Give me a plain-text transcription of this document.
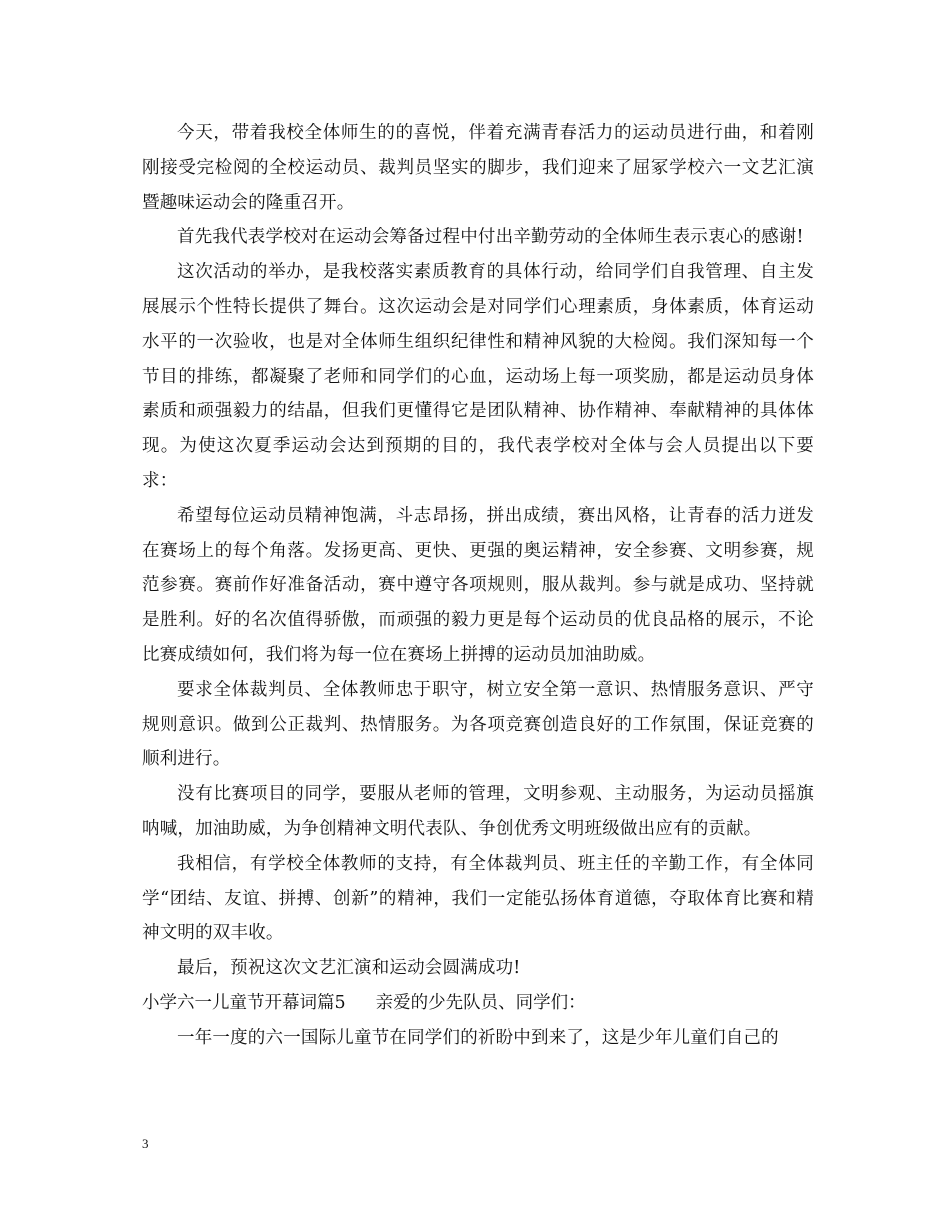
今天，带着我校全体师生的的喜悦，伴着充满青春活力的运动员进行曲，和着刚刚接受完检阅的全校运动员、裁判员坚实的脚步，我们迎来了屈冢学校六一文艺汇演暨趣味运动会的隆重召开。

首先我代表学校对在运动会筹备过程中付出辛勤劳动的全体师生表示衷心的感谢!

这次活动的举办，是我校落实素质教育的具体行动，给同学们自我管理、自主发展展示个性特长提供了舞台。这次运动会是对同学们心理素质，身体素质，体育运动水平的一次验收，也是对全体师生组织纪律性和精神风貌的大检阅。我们深知每一个节目的排练，都凝聚了老师和同学们的心血，运动场上每一项奖励，都是运动员身体素质和顽强毅力的结晶，但我们更懂得它是团队精神、协作精神、奉献精神的具体体现。为使这次夏季运动会达到预期的目的，我代表学校对全体与会人员提出以下要求：

希望每位运动员精神饱满，斗志昂扬，拼出成绩，赛出风格，让青春的活力迸发在赛场上的每个角落。发扬更高、更快、更强的奥运精神，安全参赛、文明参赛，规范参赛。赛前作好准备活动，赛中遵守各项规则，服从裁判。参与就是成功、坚持就是胜利。好的名次值得骄傲，而顽强的毅力更是每个运动员的优良品格的展示，不论比赛成绩如何，我们将为每一位在赛场上拼搏的运动员加油助威。

要求全体裁判员、全体教师忠于职守，树立安全第一意识、热情服务意识、严守规则意识。做到公正裁判、热情服务。为各项竞赛创造良好的工作氛围，保证竞赛的顺利进行。

没有比赛项目的同学，要服从老师的管理，文明参观、主动服务，为运动员摇旗呐喊，加油助威，为争创精神文明代表队、争创优秀文明班级做出应有的贡献。

我相信，有学校全体教师的支持，有全体裁判员、班主任的辛勤工作，有全体同学“团结、友谊、拼搏、创新”的精神，我们一定能弘扬体育道德，夺取体育比赛和精神文明的双丰收。

最后，预祝这次文艺汇演和运动会圆满成功!

小学六一儿童节开幕词篇5 亲爱的少先队员、同学们：

一年一度的六一国际儿童节在同学们的祈盼中到来了，这是少年儿童们自己的

3
